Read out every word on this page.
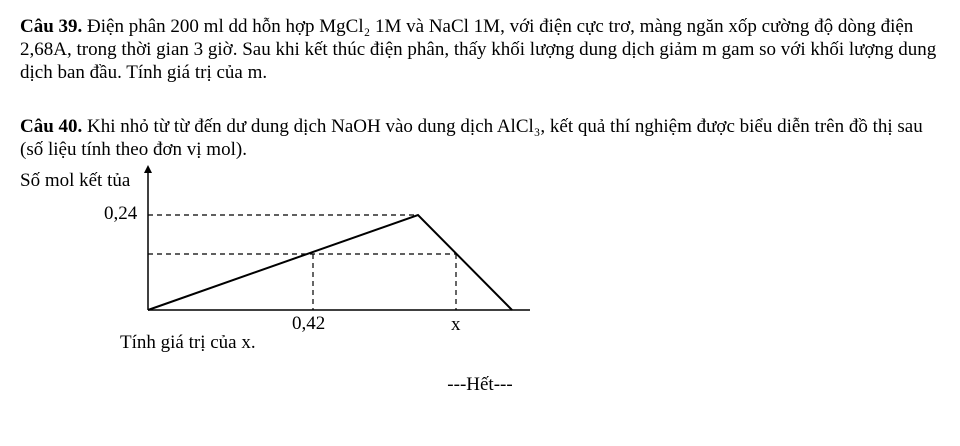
Câu 39. Điện phân 200 ml dd hỗn hợp MgCl₂ 1M và NaCl 1M, với điện cực trơ, màng ngăn xốp cường độ dòng điện 2,68A, trong thời gian 3 giờ. Sau khi kết thúc điện phân, thấy khối lượng dung dịch giảm m gam so với khối lượng dung dịch ban đầu. Tính giá trị của m.

Câu 40. Khi nhỏ từ từ đến dư dung dịch NaOH vào dung dịch AlCl₃, kết quả thí nghiệm được biểu diễn trên đồ thị sau (số liệu tính theo đơn vị mol).

Số mol kết tủa
0,24
0,42	x
Tính giá trị của x.
---Hết---
